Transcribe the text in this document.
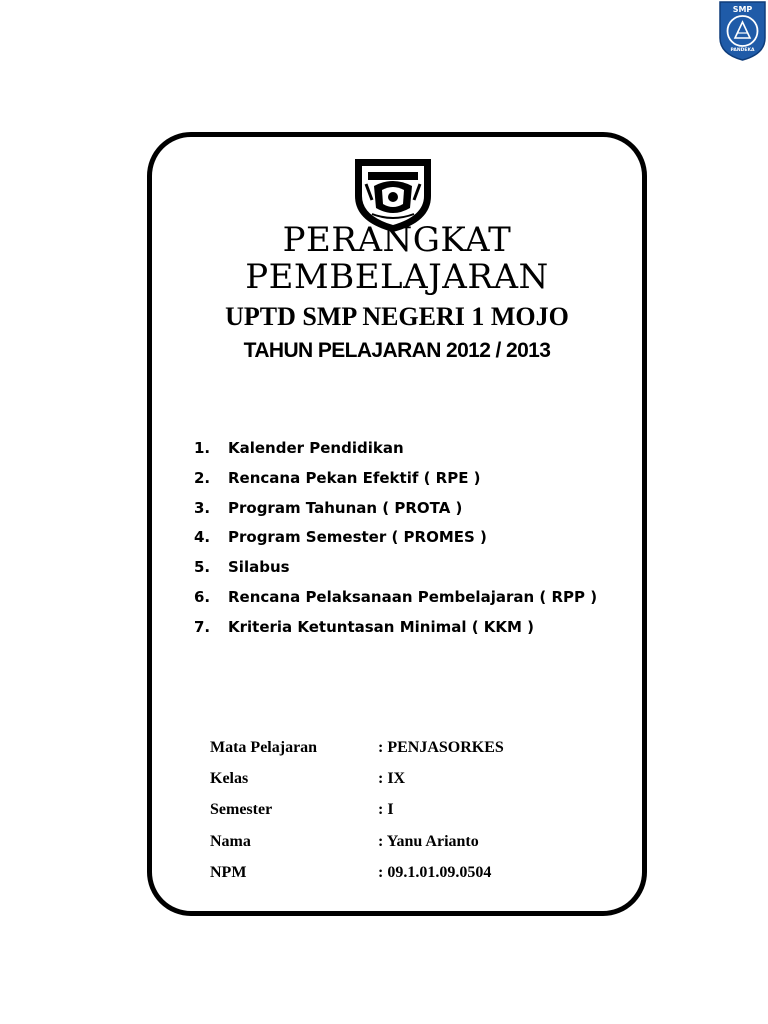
SMP
PANDEKA
PERANGKAT
PEMBELAJARAN
UPTD SMP NEGERI 1 MOJO
TAHUN PELAJARAN 2012 / 2013
1. Kalender Pendidikan
2. Rencana Pekan Efektif ( RPE )
3. Program Tahunan ( PROTA )
4. Program Semester ( PROMES )
5. Silabus
6. Rencana Pelaksanaan Pembelajaran ( RPP )
7. Kriteria Ketuntasan Minimal ( KKM )
Mata Pelajaran	: PENJASORKES
Kelas	: IX
Semester	: I
Nama	: Yanu Arianto
NPM	: 09.1.01.09.0504
